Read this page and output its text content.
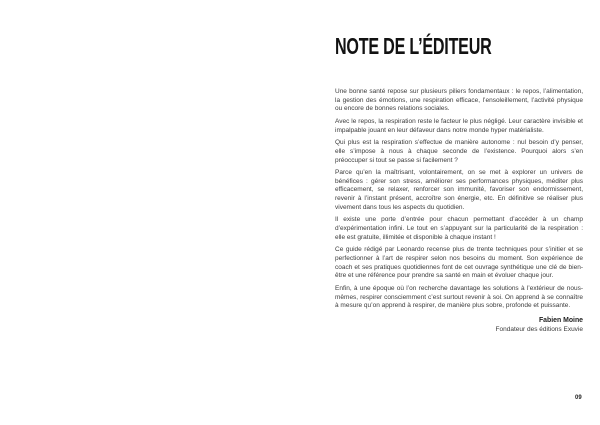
NOTE DE L’ÉDITEUR

Une bonne santé repose sur plusieurs piliers fondamentaux : le repos, l’alimentation, la gestion des émotions, une respiration efficace, l’ensoleillement, l’activité physique ou encore de bonnes relations sociales.

Avec le repos, la respiration reste le facteur le plus négligé. Leur caractère invisible et impalpable jouant en leur défaveur dans notre monde hyper matérialiste.

Qui plus est la respiration s’effectue de manière autonome : nul besoin d’y penser, elle s’impose à nous à chaque seconde de l’existence. Pourquoi alors s’en préoccuper si tout se passe si facilement ?

Parce qu’en la maîtrisant, volontairement, on se met à explorer un univers de bénéfices : gérer son stress, améliorer ses performances physiques, méditer plus efficacement, se relaxer, renforcer son immunité, favoriser son endormissement, revenir à l’instant présent, accroître son énergie, etc. En définitive se réaliser plus vivement dans tous les aspects du quotidien.

Il existe une porte d’entrée pour chacun permettant d’accéder à un champ d’expérimentation infini. Le tout en s’appuyant sur la particularité de la respiration : elle est gratuite, illimitée et disponible à chaque instant !

Ce guide rédigé par Leonardo recense plus de trente techniques pour s’initier et se perfectionner à l’art de respirer selon nos besoins du moment. Son expérience de coach et ses pratiques quotidiennes font de cet ouvrage synthétique une clé de bien-être et une référence pour prendre sa santé en main et évoluer chaque jour.

Enfin, à une époque où l’on recherche davantage les solutions à l’extérieur de nous-mêmes, respirer consciemment c’est surtout revenir à soi. On apprend à se connaître à mesure qu’on apprend à respirer, de manière plus sobre, profonde et puissante.

Fabien Moine
Fondateur des éditions Exuvie
09
